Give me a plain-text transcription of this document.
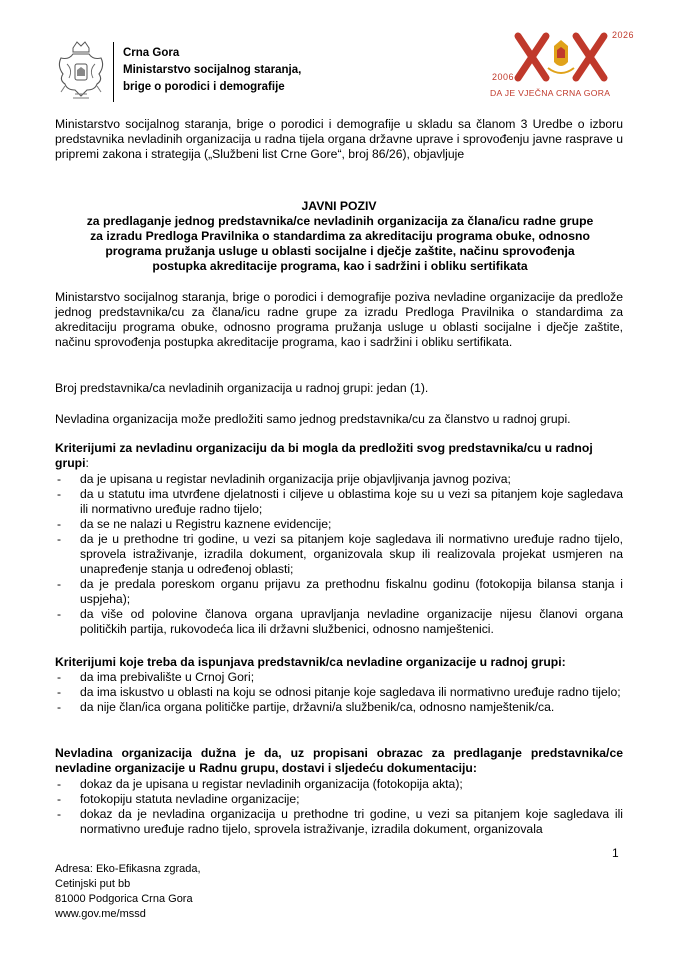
Crna Gora
Ministarstvo socijalnog staranja,
brige o porodici i demografije
2026
2006
DA JE VJEČNA CRNA GORA
Ministarstvo socijalnog staranja, brige o porodici i demografije u skladu sa članom 3 Uredbe o izboru predstavnika nevladinih organizacija u radna tijela organa državne uprave i sprovođenju javne rasprave u pripremi zakona i strategija („Službeni list Crne Gore“, broj 86/26), objavljuje
JAVNI POZIV
za predlaganje jednog predstavnika/ce nevladinih organizacija za člana/icu radne grupe za izradu Predloga Pravilnika o standardima za akreditaciju programa obuke, odnosno programa pružanja usluge u oblasti socijalne i dječje zaštite, načinu sprovođenja postupka akreditacije programa, kao i sadržini i obliku sertifikata
Ministarstvo socijalnog staranja, brige o porodici i demografije poziva nevladine organizacije da predlože jednog predstavnika/cu za člana/icu radne grupe za izradu Predloga Pravilnika o standardima za akreditaciju programa obuke, odnosno programa pružanja usluge u oblasti socijalne i dječje zaštite, načinu sprovođenja postupka akreditacije programa, kao i sadržini i obliku sertifikata.
Broj predstavnika/ca nevladinih organizacija u radnoj grupi: jedan (1).
Nevladina organizacija može predložiti samo jednog predstavnika/cu za članstvo u radnoj grupi.
Kriterijumi za nevladinu organizaciju da bi mogla da predložiti svog predstavnika/cu u radnoj grupi:
- da je upisana u registar nevladinih organizacija prije objavljivanja javnog poziva;
- da u statutu ima utvrđene djelatnosti i ciljeve u oblastima koje su u vezi sa pitanjem koje sagledava ili normativno uređuje radno tijelo;
- da se ne nalazi u Registru kaznene evidencije;
- da je u prethodne tri godine, u vezi sa pitanjem koje sagledava ili normativno uređuje radno tijelo, sprovela istraživanje, izradila dokument, organizovala skup ili realizovala projekat usmjeren na unapređenje stanja u određenoj oblasti;
- da je predala poreskom organu prijavu za prethodnu fiskalnu godinu (fotokopija bilansa stanja i uspjeha);
- da više od polovine članova organa upravljanja nevladine organizacije nijesu članovi organa političkih partija, rukovodeća lica ili državni službenici, odnosno namještenici.
Kriterijumi koje treba da ispunjava predstavnik/ca nevladine organizacije u radnoj grupi:
- da ima prebivalište u Crnoj Gori;
- da ima iskustvo u oblasti na koju se odnosi pitanje koje sagledava ili normativno uređuje radno tijelo;
- da nije član/ica organa političke partije, državni/a službenik/ca, odnosno namještenik/ca.
Nevladina organizacija dužna je da, uz propisani obrazac za predlaganje predstavnika/ce nevladine organizacije u Radnu grupu, dostavi i sljedeću dokumentaciju:
- dokaz da je upisana u registar nevladinih organizacija (fotokopija akta);
- fotokopiju statuta nevladine organizacije;
- dokaz da je nevladina organizacija u prethodne tri godine, u vezi sa pitanjem koje sagledava ili normativno uređuje radno tijelo, sprovela istraživanje, izradila dokument, organizovala
1
Adresa: Eko-Efikasna zgrada,
Cetinjski put bb
81000 Podgorica Crna Gora
www.gov.me/mssd
